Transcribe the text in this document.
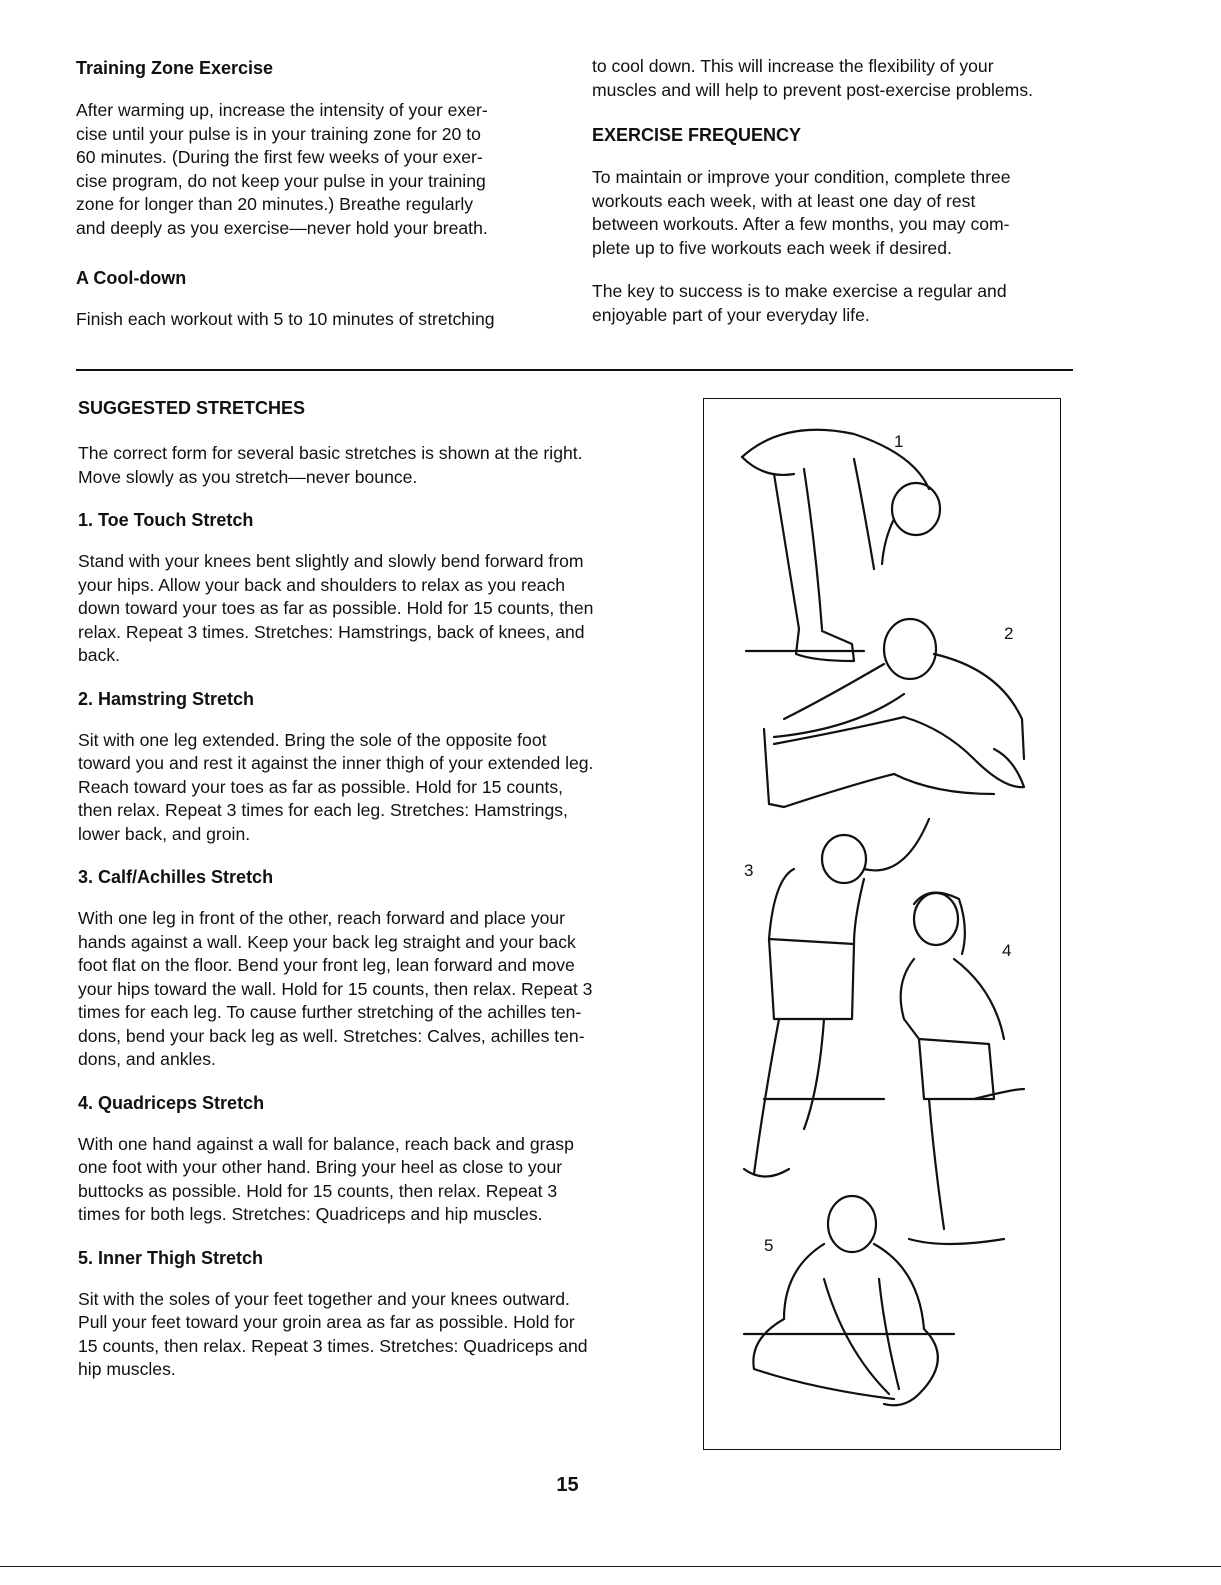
Training Zone Exercise

After warming up, increase the intensity of your exer-
cise until your pulse is in your training zone for 20 to
60 minutes. (During the first few weeks of your exer-
cise program, do not keep your pulse in your training
zone for longer than 20 minutes.) Breathe regularly
and deeply as you exercise—never hold your breath.

A Cool-down

Finish each workout with 5 to 10 minutes of stretching

to cool down. This will increase the flexibility of your
muscles and will help to prevent post-exercise problems.

EXERCISE FREQUENCY

To maintain or improve your condition, complete three
workouts each week, with at least one day of rest
between workouts. After a few months, you may com-
plete up to five workouts each week if desired.

The key to success is to make exercise a regular and
enjoyable part of your everyday life.

SUGGESTED STRETCHES

The correct form for several basic stretches is shown at the right.
Move slowly as you stretch—never bounce.

1. Toe Touch Stretch

Stand with your knees bent slightly and slowly bend forward from
your hips. Allow your back and shoulders to relax as you reach
down toward your toes as far as possible. Hold for 15 counts, then
relax. Repeat 3 times. Stretches: Hamstrings, back of knees, and
back.

2. Hamstring Stretch

Sit with one leg extended. Bring the sole of the opposite foot
toward you and rest it against the inner thigh of your extended leg.
Reach toward your toes as far as possible. Hold for 15 counts,
then relax. Repeat 3 times for each leg. Stretches: Hamstrings,
lower back, and groin.

3. Calf/Achilles Stretch

With one leg in front of the other, reach forward and place your
hands against a wall. Keep your back leg straight and your back
foot flat on the floor. Bend your front leg, lean forward and move
your hips toward the wall. Hold for 15 counts, then relax. Repeat 3
times for each leg. To cause further stretching of the achilles ten-
dons, bend your back leg as well. Stretches: Calves, achilles ten-
dons, and ankles.

4. Quadriceps Stretch

With one hand against a wall for balance, reach back and grasp
one foot with your other hand. Bring your heel as close to your
buttocks as possible. Hold for 15 counts, then relax. Repeat 3
times for both legs. Stretches: Quadriceps and hip muscles.

5. Inner Thigh Stretch

Sit with the soles of your feet together and your knees outward.
Pull your feet toward your groin area as far as possible. Hold for
15 counts, then relax. Repeat 3 times. Stretches: Quadriceps and
hip muscles.

1
2
3
4
5
15
